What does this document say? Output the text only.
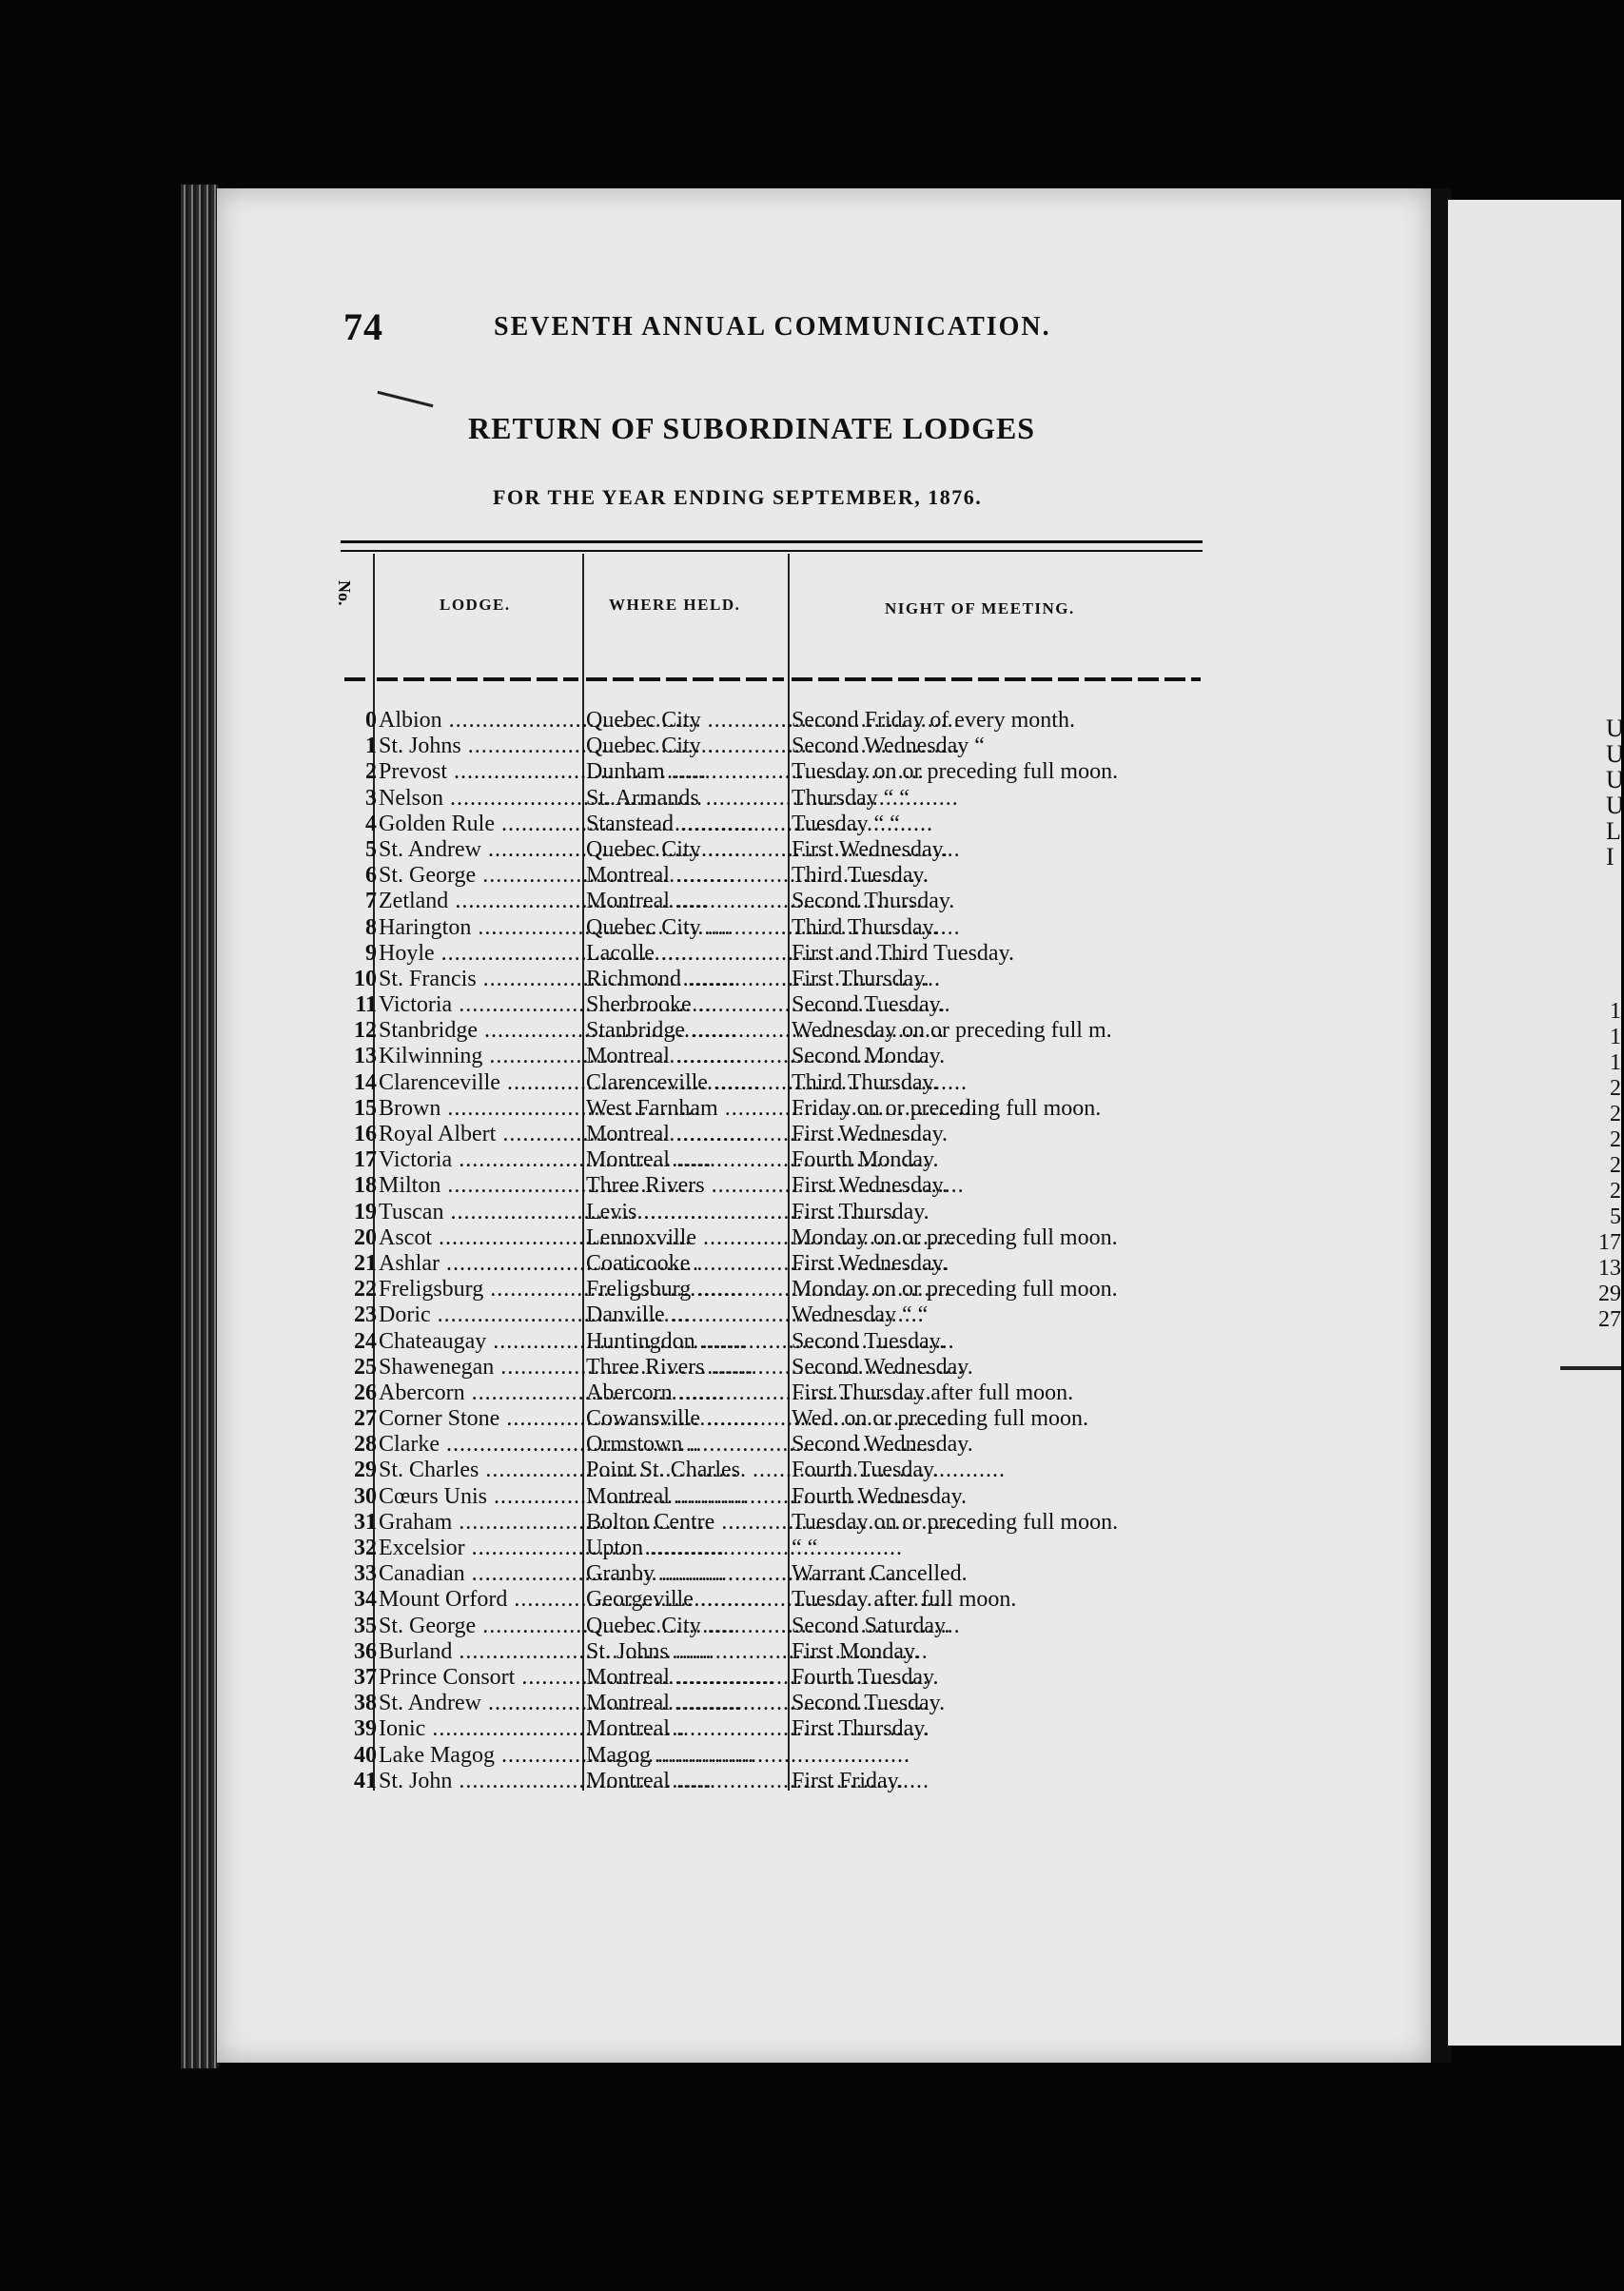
74	SEVENTH ANNUAL COMMUNICATION.
RETURN OF SUBORDINATE LODGES
FOR THE YEAR ENDING SEPTEMBER, 1876.
No.	LODGE.	WHERE HELD.	NIGHT OF MEETING.
0 Albion .....	Quebec City .....	Second Friday of every month.
1 St. Johns .....	Quebec City .....	Second Wednesday “
2 Prevost .....	Dunham .....	Tuesday on or preceding full moon.
3 Nelson .....	St. Armands .....	Thursday “ “
4 Golden Rule .....	Stanstead .....	Tuesday “ “
5 St. Andrew .....	Quebec City .....	First Wednesday.
6 St. George .....	Montreal .....	Third Tuesday.
7 Zetland .....	Montreal .....	Second Thursday.
8 Harington .....	Quebec City .....	Third Thursday.
9 Hoyle .....	Lacolle .....	First and Third Tuesday.
10 St. Francis .....	Richmond .....	First Thursday.
11 Victoria .....	Sherbrooke .....	Second Tuesday.
12 Stanbridge .....	Stanbridge .....	Wednesday on or preceding full m.
13 Kilwinning .....	Montreal .....	Second Monday.
14 Clarenceville .....	Clarenceville .....	Third Thursday.
15 Brown .....	West Farnham .....	Friday on or preceding full moon.
16 Royal Albert .....	Montreal .....	First Wednesday.
17 Victoria .....	Montreal .....	Fourth Monday.
18 Milton .....	Three Rivers .....	First Wednesday.
19 Tuscan .....	Levis .....	First Thursday.
20 Ascot .....	Lennoxville .....	Monday on or preceding full moon.
21 Ashlar .....	Coaticooke .....	First Wednesday.
22 Freligsburg .....	Freligsburg .....	Monday on or preceding full moon.
23 Doric .....	Danville .....	Wednesday “ “
24 Chateaugay .....	Huntingdon .....	Second Tuesday.
25 Shawenegan .....	Three Rivers .....	Second Wednesday.
26 Abercorn .....	Abercorn .....	First Thursday after full moon.
27 Corner Stone .....	Cowansville .....	Wed. on or preceding full moon.
28 Clarke .....	Ormstown .....	Second Wednesday.
29 St. Charles .....	Point St. Charles. .....	Fourth Tuesday.
30 Cœurs Unis .....	Montreal .....	Fourth Wednesday.
31 Graham .....	Bolton Centre .....	Tuesday on or preceding full moon.
32 Excelsior .....	Upton .....	“ “
33 Canadian .....	Granby .....	Warrant Cancelled.
34 Mount Orford .....	Georgeville .....	Tuesday after full moon.
35 St. George .....	Quebec City .....	Second Saturday.
36 Burland .....	St. Johns .....	First Monday.
37 Prince Consort .....	Montreal .....	Fourth Tuesday.
38 St. Andrew .....	Montreal .....	Second Tuesday.
39 Ionic .....	Montreal .....	First Thursday.
40 Lake Magog .....	Magog .....
41 St. John .....	Montreal .....	First Friday.
U
U
U
U
L
I
1
1
1
2
2
2
2
2
5
17
13
29
27
